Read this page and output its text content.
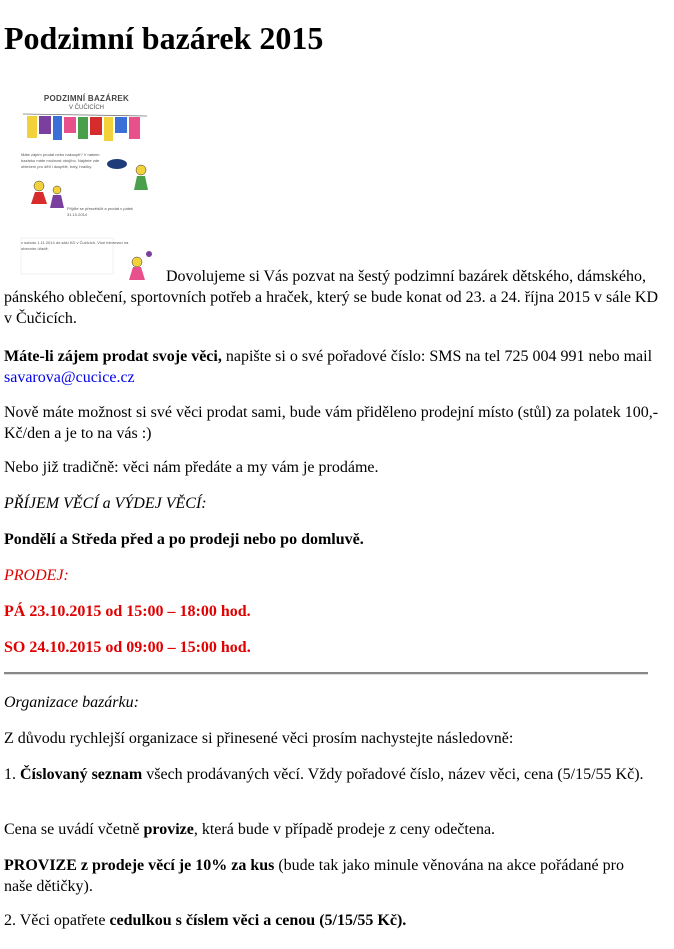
Podzimní bazárek 2015
PODZIMNÍ BAZÁREK
V ČUČICÍCH
Máte zájem prodat nebo nakoupit? V našem bazárku máte možnost obojího. Najdete zde oblečení pro děti i dospělé, boty, hračky.
Přijďte se přesvědčit a prodat v pátek 31.10.2014
v sobotu 1.11.2014 do sálu KD v Čučicích. Více informací na obecním úřadě.

Dovolujeme si Vás pozvat na šestý podzimní bazárek dětského, dámského, pánského oblečení, sportovních potřeb a hraček, který se bude konat od 23. a 24. října 2015 v sále KD v Čučicích.

Máte-li zájem prodat svoje věci, napište si o své pořadové číslo: SMS na tel 725 004 991 nebo mail savarova@cucice.cz

Nově máte možnost si své věci prodat sami, bude vám přiděleno prodejní místo (stůl) za polatek 100,- Kč/den a je to na vás :)

Nebo již tradičně: věci nám předáte a my vám je prodáme.

PŘÍJEM VĚCÍ a VÝDEJ VĚCÍ:

Pondělí a Středa před a po prodeji nebo po domluvě.

PRODEJ:

PÁ 23.10.2015 od 15:00 – 18:00 hod.

SO 24.10.2015 od 09:00 – 15:00 hod.

Organizace bazárku:

Z důvodu rychlejší organizace si přinesené věci prosím nachystejte následovně:

1. Číslovaný seznam všech prodávaných věcí. Vždy pořadové číslo, název věci, cena (5/15/55 Kč).

Cena se uvádí včetně provize, která bude v případě prodeje z ceny odečtena.

PROVIZE z prodeje věcí je 10% za kus (bude tak jako minule věnována na akce pořádané pro naše dětičky).

2. Věci opatřete cedulkou s číslem věci a cenou (5/15/55 Kč).
